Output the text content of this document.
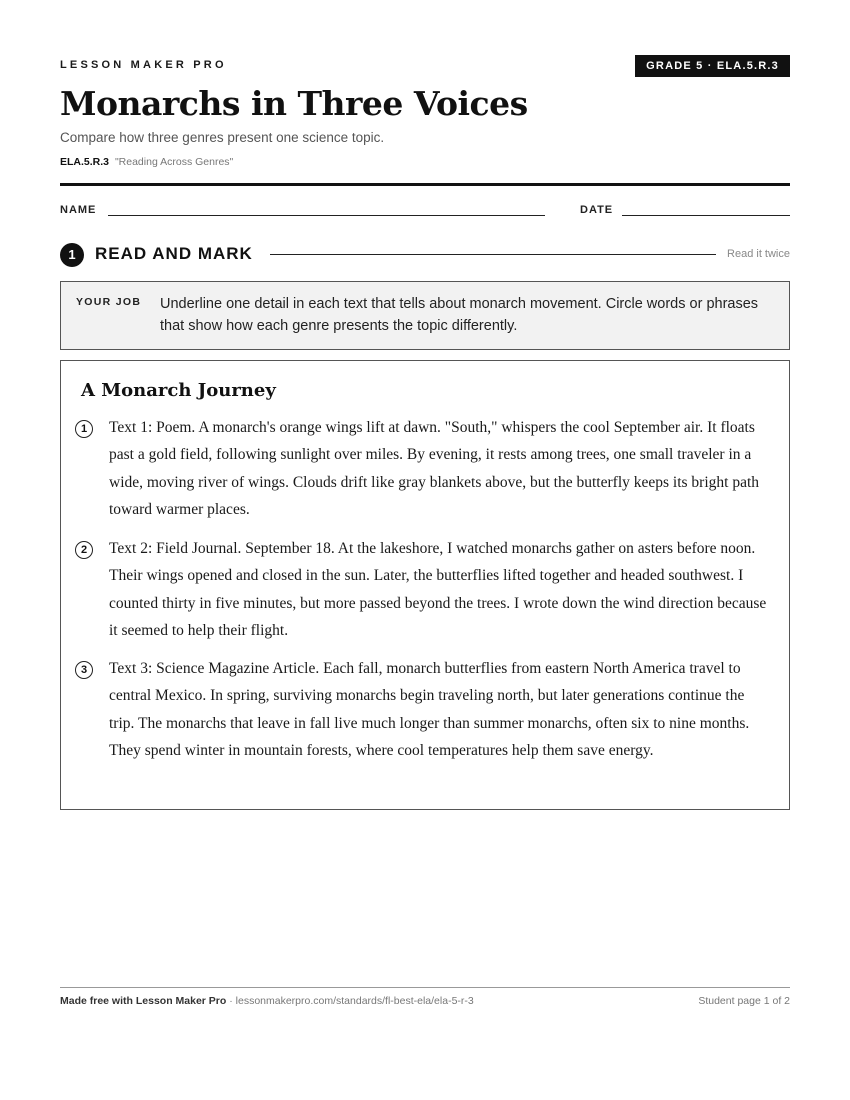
LESSON MAKER PRO	GRADE 5 · ELA.5.R.3
Monarchs in Three Voices
Compare how three genres present one science topic.
ELA.5.R.3 "Reading Across Genres"
NAME	DATE
1	READ AND MARK	Read it twice
YOUR JOB Underline one detail in each text that tells about monarch movement. Circle words or phrases that show how each genre presents the topic differently.
A Monarch Journey
1	Text 1: Poem. A monarch's orange wings lift at dawn. "South," whispers the cool September air. It floats past a gold field, following sunlight over miles. By evening, it rests among trees, one small traveler in a wide, moving river of wings. Clouds drift like gray blankets above, but the butterfly keeps its bright path toward warmer places.
2	Text 2: Field Journal. September 18. At the lakeshore, I watched monarchs gather on asters before noon. Their wings opened and closed in the sun. Later, the butterflies lifted together and headed southwest. I counted thirty in five minutes, but more passed beyond the trees. I wrote down the wind direction because it seemed to help their flight.
3	Text 3: Science Magazine Article. Each fall, monarch butterflies from eastern North America travel to central Mexico. In spring, surviving monarchs begin traveling north, but later generations continue the trip. The monarchs that leave in fall live much longer than summer monarchs, often six to nine months. They spend winter in mountain forests, where cool temperatures help them save energy.
Made free with Lesson Maker Pro · lessonmakerpro.com/standards/fl-best-ela/ela-5-r-3	Student page 1 of 2
